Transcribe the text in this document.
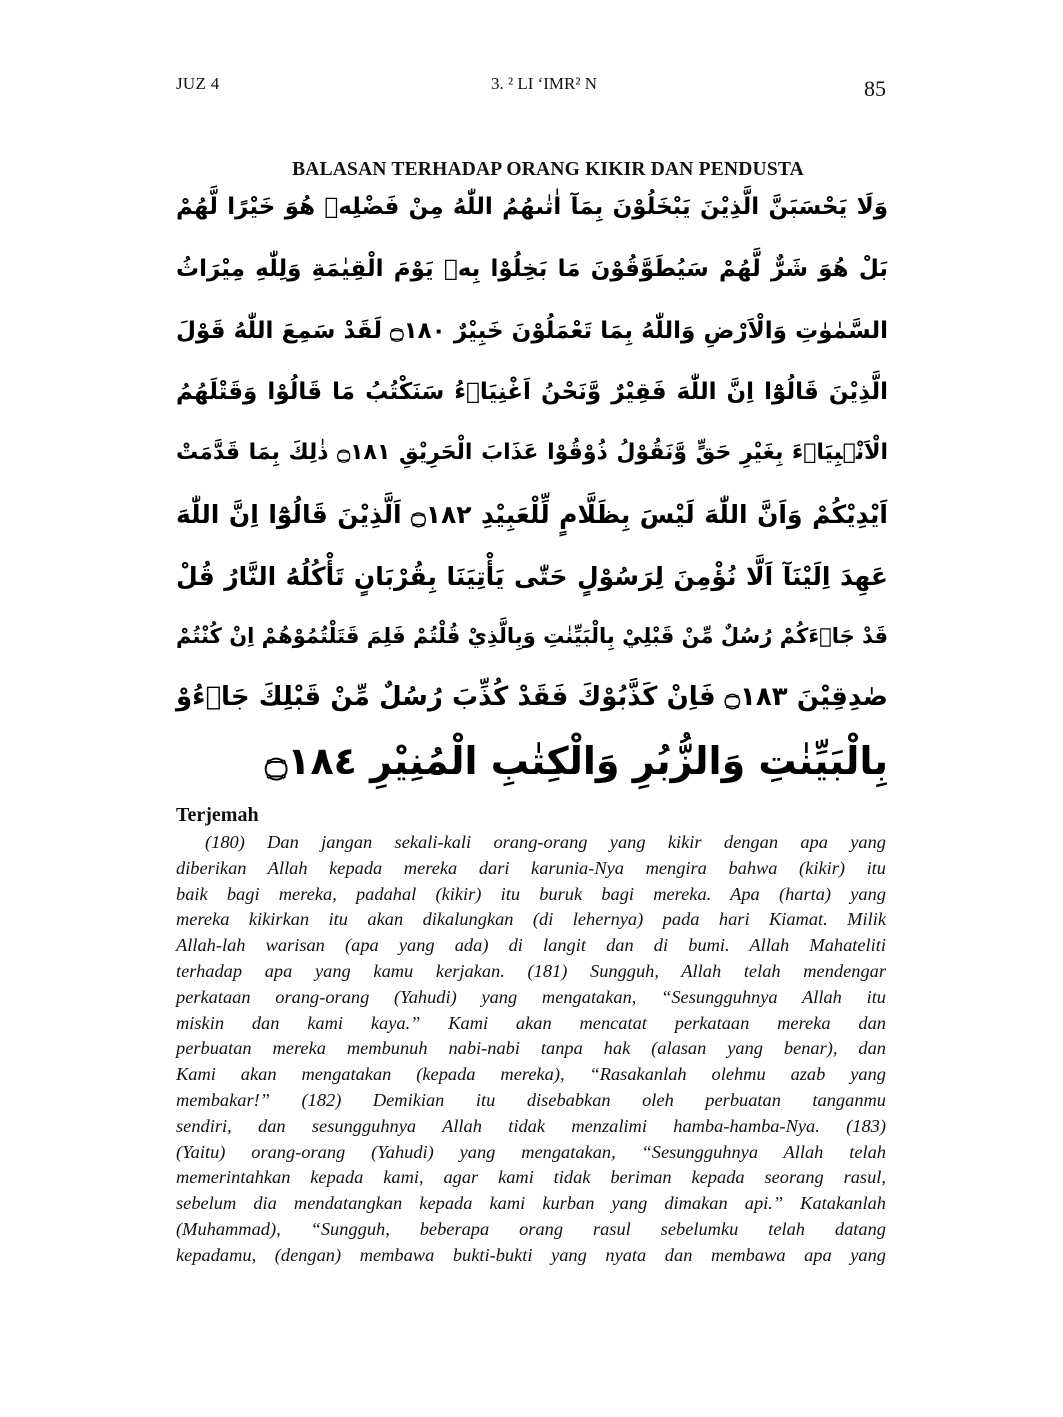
JUZ 4	3. ² LI ‘IMR² N	85
BALASAN TERHADAP ORANG KIKIR DAN PENDUSTA
وَلَا يَحْسَبَنَّ الَّذِيْنَ يَبْخَلُوْنَ بِمَآ اٰتٰىهُمُ اللّٰهُ مِنْ فَضْلِهٖ هُوَ خَيْرًا لَّهُمْ
بَلْ هُوَ شَرٌّ لَّهُمْ سَيُطَوَّقُوْنَ مَا بَخِلُوْا بِهٖ يَوْمَ الْقِيٰمَةِ وَلِلّٰهِ مِيْرَاثُ
السَّمٰوٰتِ وَالْاَرْضِ وَاللّٰهُ بِمَا تَعْمَلُوْنَ خَبِيْرٌ ۝١٨٠ لَقَدْ سَمِعَ اللّٰهُ قَوْلَ
الَّذِيْنَ قَالُوْٓا اِنَّ اللّٰهَ فَقِيْرٌ وَّنَحْنُ اَغْنِيَاۤءُ سَنَكْتُبُ مَا قَالُوْا وَقَتْلَهُمُ
الْاَنْۢبِيَاۤءَ بِغَيْرِ حَقٍّ وَّنَقُوْلُ ذُوْقُوْا عَذَابَ الْحَرِيْقِ ۝١٨١ ذٰلِكَ بِمَا قَدَّمَتْ
اَيْدِيْكُمْ وَاَنَّ اللّٰهَ لَيْسَ بِظَلَّامٍ لِّلْعَبِيْدِ ۝١٨٢ اَلَّذِيْنَ قَالُوْٓا اِنَّ اللّٰهَ
عَهِدَ اِلَيْنَآ اَلَّا نُؤْمِنَ لِرَسُوْلٍ حَتّٰى يَأْتِيَنَا بِقُرْبَانٍ تَأْكُلُهُ النَّارُ قُلْ
قَدْ جَاۤءَكُمْ رُسُلٌ مِّنْ قَبْلِيْ بِالْبَيِّنٰتِ وَبِالَّذِيْ قُلْتُمْ فَلِمَ قَتَلْتُمُوْهُمْ اِنْ كُنْتُمْ
صٰدِقِيْنَ ۝١٨٣ فَاِنْ كَذَّبُوْكَ فَقَدْ كُذِّبَ رُسُلٌ مِّنْ قَبْلِكَ جَاۤءُوْ
بِالْبَيِّنٰتِ وَالزُّبُرِ وَالْكِتٰبِ الْمُنِيْرِ ۝١٨٤
Terjemah
(180) Dan jangan sekali-kali orang-orang yang kikir dengan apa yang
diberikan Allah kepada mereka dari karunia-Nya mengira bahwa (kikir) itu
baik bagi mereka, padahal (kikir) itu buruk bagi mereka. Apa (harta) yang
mereka kikirkan itu akan dikalungkan (di lehernya) pada hari Kiamat. Milik
Allah-lah warisan (apa yang ada) di langit dan di bumi. Allah Mahateliti
terhadap apa yang kamu kerjakan. (181) Sungguh, Allah telah mendengar
perkataan orang-orang (Yahudi) yang mengatakan, “Sesungguhnya Allah itu
miskin dan kami kaya.” Kami akan mencatat perkataan mereka dan
perbuatan mereka membunuh nabi-nabi tanpa hak (alasan yang benar), dan
Kami akan mengatakan (kepada mereka), “Rasakanlah olehmu azab yang
membakar!” (182) Demikian itu disebabkan oleh perbuatan tanganmu
sendiri, dan sesungguhnya Allah tidak menzalimi hamba-hamba-Nya. (183)
(Yaitu) orang-orang (Yahudi) yang mengatakan, “Sesungguhnya Allah telah
memerintahkan kepada kami, agar kami tidak beriman kepada seorang rasul,
sebelum dia mendatangkan kepada kami kurban yang dimakan api.” Katakanlah
(Muhammad), “Sungguh, beberapa orang rasul sebelumku telah datang
kepadamu, (dengan) membawa bukti-bukti yang nyata dan membawa apa yang
